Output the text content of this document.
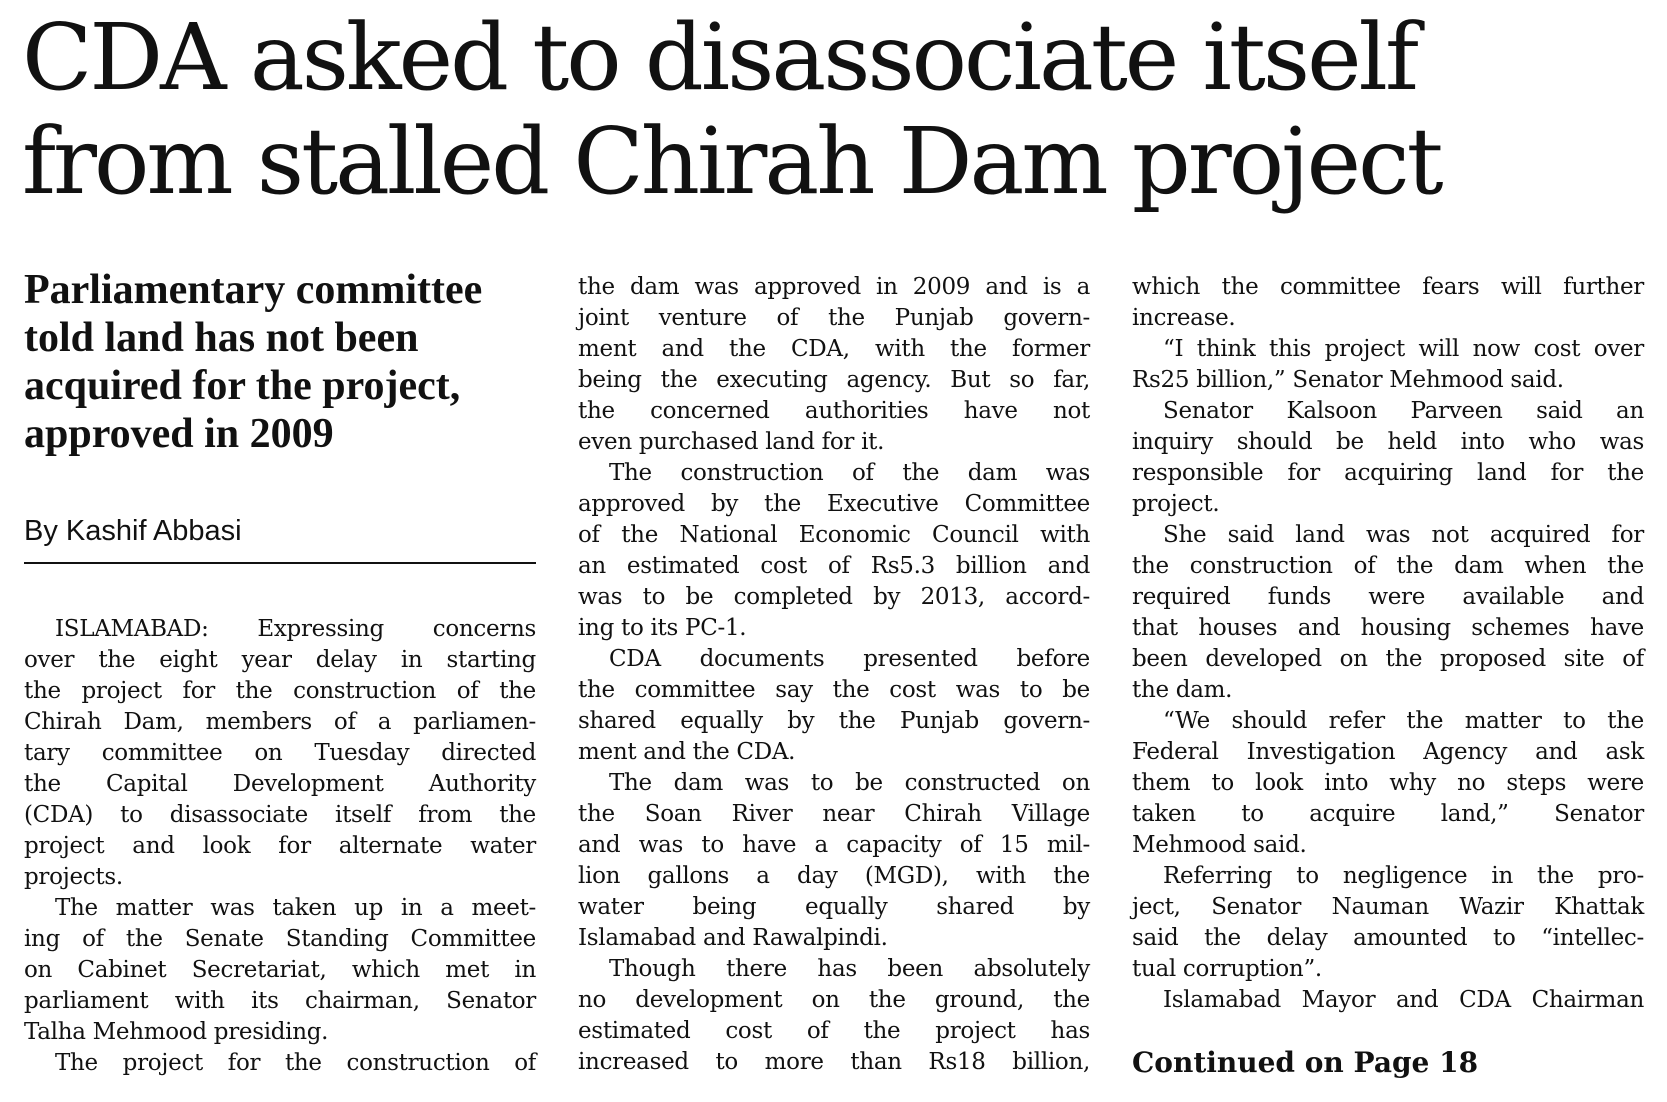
CDA asked to disassociate itself
from stalled Chirah Dam project
Parliamentary committee
told land has not been
acquired for the project,
approved in 2009
By Kashif Abbasi
ISLAMABAD: Expressing concerns
over the eight year delay in starting
the project for the construction of the
Chirah Dam, members of a parliamen-
tary committee on Tuesday directed
the Capital Development Authority
(CDA) to disassociate itself from the
project and look for alternate water
projects.
The matter was taken up in a meet-
ing of the Senate Standing Committee
on Cabinet Secretariat, which met in
parliament with its chairman, Senator
Talha Mehmood presiding.
The project for the construction of
the dam was approved in 2009 and is a
joint venture of the Punjab govern-
ment and the CDA, with the former
being the executing agency. But so far,
the concerned authorities have not
even purchased land for it.
The construction of the dam was
approved by the Executive Committee
of the National Economic Council with
an estimated cost of Rs5.3 billion and
was to be completed by 2013, accord-
ing to its PC-1.
CDA documents presented before
the committee say the cost was to be
shared equally by the Punjab govern-
ment and the CDA.
The dam was to be constructed on
the Soan River near Chirah Village
and was to have a capacity of 15 mil-
lion gallons a day (MGD), with the
water being equally shared by
Islamabad and Rawalpindi.
Though there has been absolutely
no development on the ground, the
estimated cost of the project has
increased to more than Rs18 billion,
which the committee fears will further
increase.
“I think this project will now cost over
Rs25 billion,” Senator Mehmood said.
Senator Kalsoon Parveen said an
inquiry should be held into who was
responsible for acquiring land for the
project.
She said land was not acquired for
the construction of the dam when the
required funds were available and
that houses and housing schemes have
been developed on the proposed site of
the dam.
“We should refer the matter to the
Federal Investigation Agency and ask
them to look into why no steps were
taken to acquire land,” Senator
Mehmood said.
Referring to negligence in the pro-
ject, Senator Nauman Wazir Khattak
said the delay amounted to “intellec-
tual corruption”.
Islamabad Mayor and CDA Chairman
Continued on Page 18
